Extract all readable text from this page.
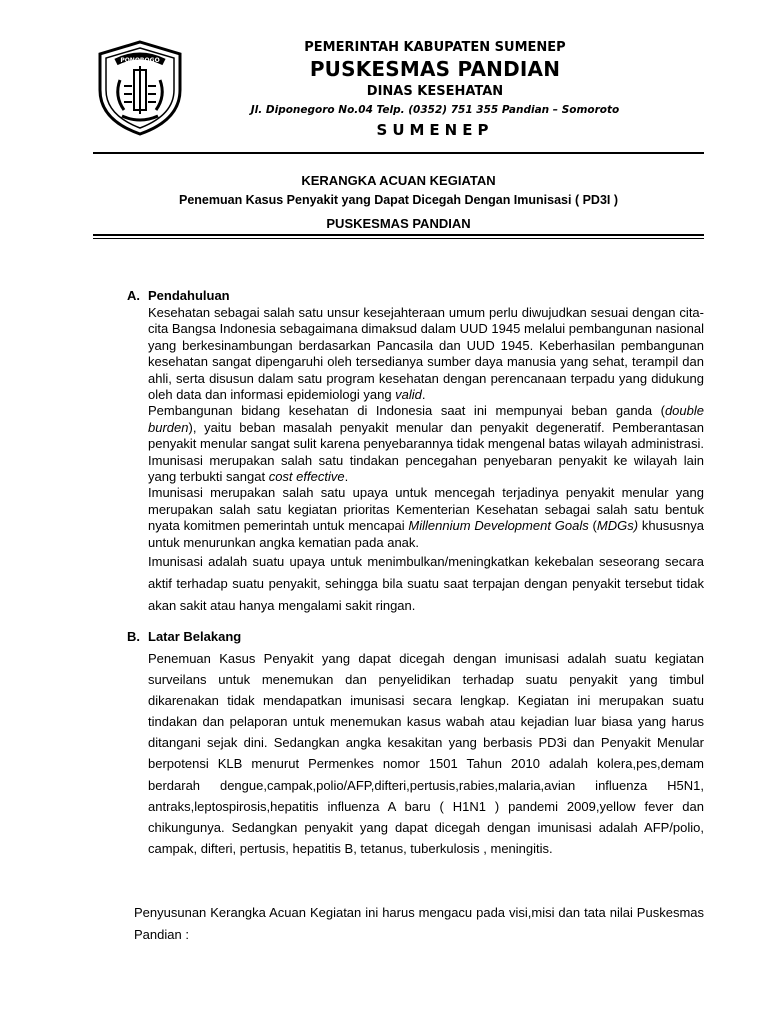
PONOROGO
PEMERINTAH KABUPATEN SUMENEP
PUSKESMAS PANDIAN
DINAS KESEHATAN
Jl. Diponegoro No.04 Telp. (0352) 751 355 Pandian – Somoroto
SUMENEP
KERANGKA ACUAN KEGIATAN
Penemuan Kasus Penyakit yang Dapat Dicegah Dengan Imunisasi ( PD3I )
PUSKESMAS PANDIAN
A. Pendahuluan

Kesehatan sebagai salah satu unsur kesejahteraan umum perlu diwujudkan sesuai dengan cita-cita Bangsa Indonesia sebagaimana dimaksud dalam UUD 1945 melalui pembangunan nasional yang berkesinambungan berdasarkan Pancasila dan UUD 1945. Keberhasilan pembangunan kesehatan sangat dipengaruhi oleh tersedianya sumber daya manusia yang sehat, terampil dan ahli, serta disusun dalam satu program kesehatan dengan perencanaan terpadu yang didukung oleh data dan informasi epidemiologi yang valid.

Pembangunan bidang kesehatan di Indonesia saat ini mempunyai beban ganda (double burden), yaitu beban masalah penyakit menular dan penyakit degeneratif. Pemberantasan penyakit menular sangat sulit karena penyebarannya tidak mengenal batas wilayah administrasi. Imunisasi merupakan salah satu tindakan pencegahan penyebaran penyakit ke wilayah lain yang terbukti sangat cost effective.

Imunisasi merupakan salah satu upaya untuk mencegah terjadinya penyakit menular yang merupakan salah satu kegiatan prioritas Kementerian Kesehatan sebagai salah satu bentuk nyata komitmen pemerintah untuk mencapai Millennium Development Goals (MDGs) khususnya untuk menurunkan angka kematian pada anak.

Imunisasi adalah suatu upaya untuk menimbulkan/meningkatkan kekebalan seseorang secara aktif terhadap suatu penyakit, sehingga bila suatu saat terpajan dengan penyakit tersebut tidak akan sakit atau hanya mengalami sakit ringan.

B. Latar Belakang
Penemuan Kasus Penyakit yang dapat dicegah dengan imunisasi adalah suatu kegiatan surveilans untuk menemukan dan penyelidikan terhadap suatu penyakit yang timbul dikarenakan tidak mendapatkan imunisasi secara lengkap. Kegiatan ini merupakan suatu tindakan dan pelaporan untuk menemukan kasus wabah atau kejadian luar biasa yang harus ditangani sejak dini. Sedangkan angka kesakitan yang berbasis PD3i dan Penyakit Menular berpotensi KLB menurut Permenkes nomor 1501 Tahun 2010 adalah kolera,pes,demam berdarah dengue,campak,polio/AFP,difteri,pertusis,rabies,malaria,avian influenza H5N1, antraks,leptospirosis,hepatitis influenza A baru ( H1N1 ) pandemi 2009,yellow fever dan chikungunya. Sedangkan penyakit yang dapat dicegah dengan imunisasi adalah AFP/polio, campak, difteri, pertusis, hepatitis B, tetanus, tuberkulosis , meningitis.
Penyusunan Kerangka Acuan Kegiatan ini harus mengacu pada visi,misi dan tata nilai Puskesmas Pandian :
